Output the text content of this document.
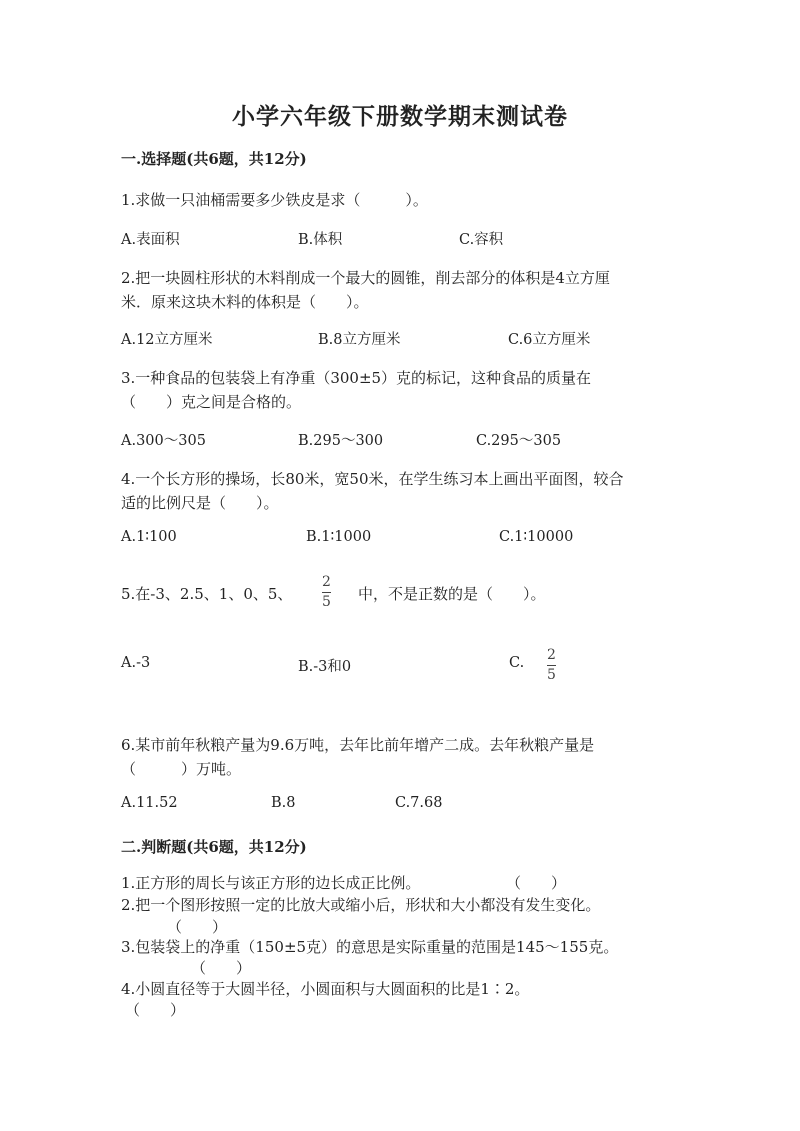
小学六年级下册数学期末测试卷
一.选择题(共6题，共12分)
1.求做一只油桶需要多少铁皮是求（　　　）。
A.表面积	B.体积	C.容积
2.把一块圆柱形状的木料削成一个最大的圆锥，削去部分的体积是4立方厘
米．原来这块木料的体积是（　　）。
A.12立方厘米	B.8立方厘米	C.6立方厘米
3.一种食品的包装袋上有净重（300±5）克的标记，这种食品的质量在
（　　）克之间是合格的。
A.300～305	B.295～300	C.295～305
4.一个长方形的操场，长80米，宽50米，在学生练习本上画出平面图，较合
适的比例尺是（　　）。
A.1∶100	B.1∶1000	C.1∶10000
5.在-3、2.5、1、0、5、
2
5 中，不是正数的是（　　）。
A.-3	B.-3和0	C. 2
5
6.某市前年秋粮产量为9.6万吨，去年比前年增产二成。去年秋粮产量是
（　　　）万吨。
A.11.52	B.8	C.7.68
二.判断题(共6题，共12分)
1.正方形的周长与该正方形的边长成正比例。	（　　）
2.把一个图形按照一定的比放大或缩小后，形状和大小都没有发生变化。
（　　）
3.包装袋上的净重（150±5克）的意思是实际重量的范围是145～155克。
（　　）
4.小圆直径等于大圆半径，小圆面积与大圆面积的比是1∶2。
（　　）
